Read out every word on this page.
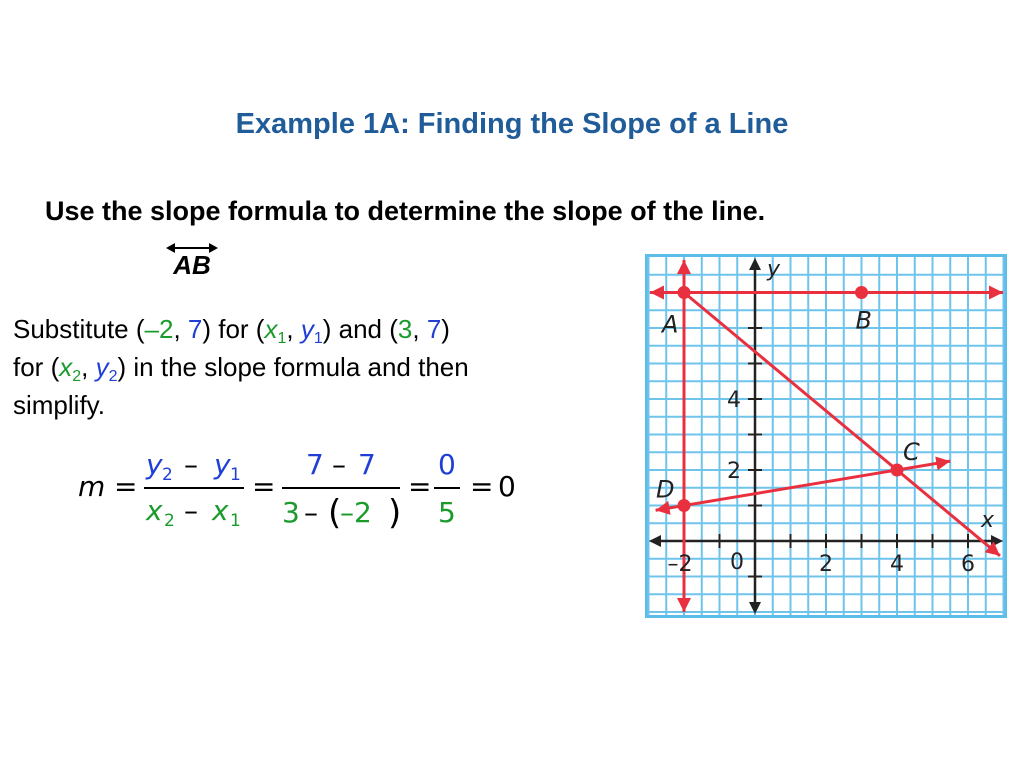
Example 1A: Finding the Slope of a Line
Use the slope formula to determine the slope of the line.
AB
Substitute (–2, 7) for ($x_1$, $y_1$) and (3, 7)
for ($x_2$, $y_2$) in the slope formula and then
simplify.
m =
y 2 – y 1
x 2 – x 1
=
7 – 7
3 – (
–2 )
=
0
5
= 0
–2 0	2	4	6
2
4
x
y
A	B
C
D
